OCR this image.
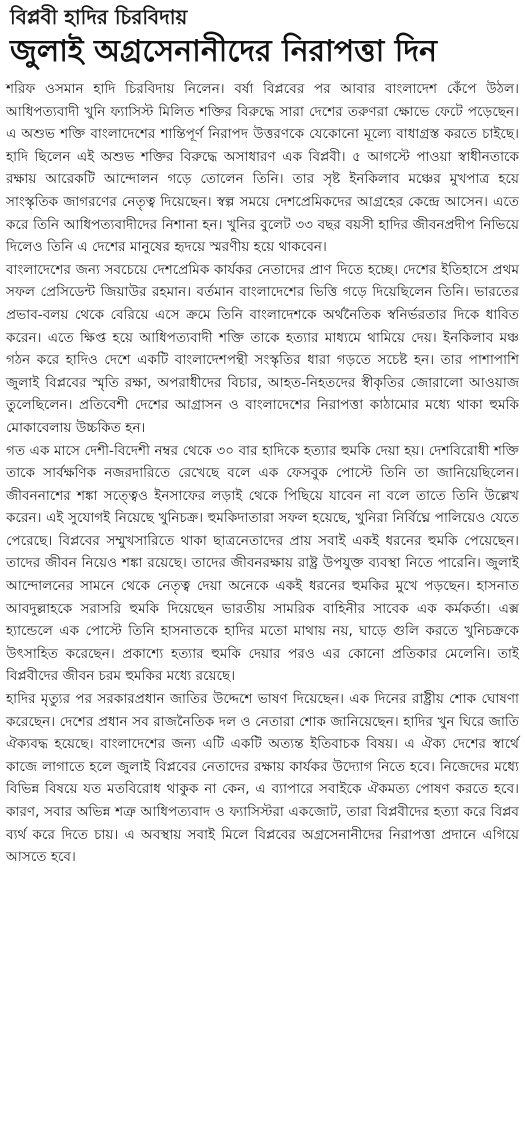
বিপ্লবী হাদির চিরবিদায়
জুলাই অগ্রসেনানীদের নিরাপত্তা দিন

শরিফ ওসমান হাদি চিরবিদায় নিলেন। বর্ষা বিপ্লবের পর আবার বাংলাদেশ কেঁপে উঠল। আধিপত্যবাদী খুনি ফ্যাসিস্ট মিলিত শক্তির বিরুদ্ধে সারা দেশের তরুণরা ক্ষোভে ফেটে পড়েছেন। এ অশুভ শক্তি বাংলাদেশের শান্তিপূর্ণ নিরাপদ উত্তরণকে যেকোনো মূল্যে বাধাগ্রস্ত করতে চাইছে। হাদি ছিলেন এই অশুভ শক্তির বিরুদ্ধে অসাধারণ এক বিপ্লবী। ৫ আগস্টে পাওয়া স্বাধীনতাকে রক্ষায় আরেকটি আন্দোলন গড়ে তোলেন তিনি। তার সৃষ্ট ইনকিলাব মঞ্চের মুখপাত্র হয়ে সাংস্কৃতিক জাগরণের নেতৃত্ব দিয়েছেন। স্বল্প সময়ে দেশপ্রেমিকদের আগ্রহের কেন্দ্রে আসেন। এতে করে তিনি আধিপত্যবাদীদের নিশানা হন। খুনির বুলেট ৩৩ বছর বয়সী হাদির জীবনপ্রদীপ নিভিয়ে দিলেও তিনি এ দেশের মানুষের হৃদয়ে স্মরণীয় হয়ে থাকবেন।

বাংলাদেশের জন্য সবচেয়ে দেশপ্রেমিক কার্যকর নেতাদের প্রাণ দিতে হচ্ছে। দেশের ইতিহাসে প্রথম সফল প্রেসিডেন্ট জিয়াউর রহমান। বর্তমান বাংলাদেশের ভিত্তি গড়ে দিয়েছিলেন তিনি। ভারতের প্রভাব-বলয় থেকে বেরিয়ে এসে ক্রমে তিনি বাংলাদেশকে অর্থনৈতিক স্বনির্ভরতার দিকে ধাবিত করেন। এতে ক্ষিপ্ত হয়ে আধিপত্যবাদী শক্তি তাকে হত্যার মাধ্যমে থামিয়ে দেয়। ইনকিলাব মঞ্চ গঠন করে হাদিও দেশে একটি বাংলাদেশপন্থী সংস্কৃতির ধারা গড়তে সচেষ্ট হন। তার পাশাপাশি জুলাই বিপ্লবের স্মৃতি রক্ষা, অপরাধীদের বিচার, আহত-নিহতদের স্বীকৃতির জোরালো আওয়াজ তুলেছিলেন। প্রতিবেশী দেশের আগ্রাসন ও বাংলাদেশের নিরাপত্তা কাঠামোর মধ্যে থাকা হুমকি মোকাবেলায় উচ্চকিত হন।

গত এক মাসে দেশী-বিদেশী নম্বর থেকে ৩০ বার হাদিকে হত্যার হুমকি দেয়া হয়। দেশবিরোধী শক্তি তাকে সার্বক্ষণিক নজরদারিতে রেখেছে বলে এক ফেসবুক পোস্টে তিনি তা জানিয়েছিলেন। জীবননাশের শঙ্কা সত্ত্বেও ইনসাফের লড়াই থেকে পিছিয়ে যাবেন না বলে তাতে তিনি উল্লেখ করেন। এই সুযোগই নিয়েছে খুনিচক্র। হুমকিদাতারা সফল হয়েছে, খুনিরা নির্বিঘ্নে পালিয়েও যেতে পেরেছে। বিপ্লবের সম্মুখসারিতে থাকা ছাত্রনেতাদের প্রায় সবাই একই ধরনের হুমকি পেয়েছেন। তাদের জীবন নিয়েও শঙ্কা রয়েছে। তাদের জীবনরক্ষায় রাষ্ট্র উপযুক্ত ব্যবস্থা নিতে পারেনি। জুলাই আন্দোলনের সামনে থেকে নেতৃত্ব দেয়া অনেকে একই ধরনের হুমকির মুখে পড়ছেন। হাসনাত আবদুল্লাহকে সরাসরি হুমকি দিয়েছেন ভারতীয় সামরিক বাহিনীর সাবেক এক কর্মকর্তা। এক্স হ্যান্ডেলে এক পোস্টে তিনি হাসনাতকে হাদির মতো মাথায় নয়, ঘাড়ে গুলি করতে খুনিচক্রকে উৎসাহিত করেছেন। প্রকাশ্যে হত্যার হুমকি দেয়ার পরও এর কোনো প্রতিকার মেলেনি। তাই বিপ্লবীদের জীবন চরম হুমকির মধ্যে রয়েছে।

হাদির মৃত্যুর পর সরকারপ্রধান জাতির উদ্দেশে ভাষণ দিয়েছেন। এক দিনের রাষ্ট্রীয় শোক ঘোষণা করেছেন। দেশের প্রধান সব রাজনৈতিক দল ও নেতারা শোক জানিয়েছেন। হাদির খুন ঘিরে জাতি ঐক্যবদ্ধ হয়েছে। বাংলাদেশের জন্য এটি একটি অত্যন্ত ইতিবাচক বিষয়। এ ঐক্য দেশের স্বার্থে কাজে লাগাতে হলে জুলাই বিপ্লবের নেতাদের রক্ষায় কার্যকর উদ্যোগ নিতে হবে। নিজেদের মধ্যে বিভিন্ন বিষয়ে যত মতবিরোধ থাকুক না কেন, এ ব্যাপারে সবাইকে ঐকমত্য পোষণ করতে হবে। কারণ, সবার অভিন্ন শত্রু আধিপত্যবাদ ও ফ্যাসিস্টরা একজোট, তারা বিপ্লবীদের হত্যা করে বিপ্লব ব্যর্থ করে দিতে চায়। এ অবস্থায় সবাই মিলে বিপ্লবের অগ্রসেনানীদের নিরাপত্তা প্রদানে এগিয়ে আসতে হবে।
